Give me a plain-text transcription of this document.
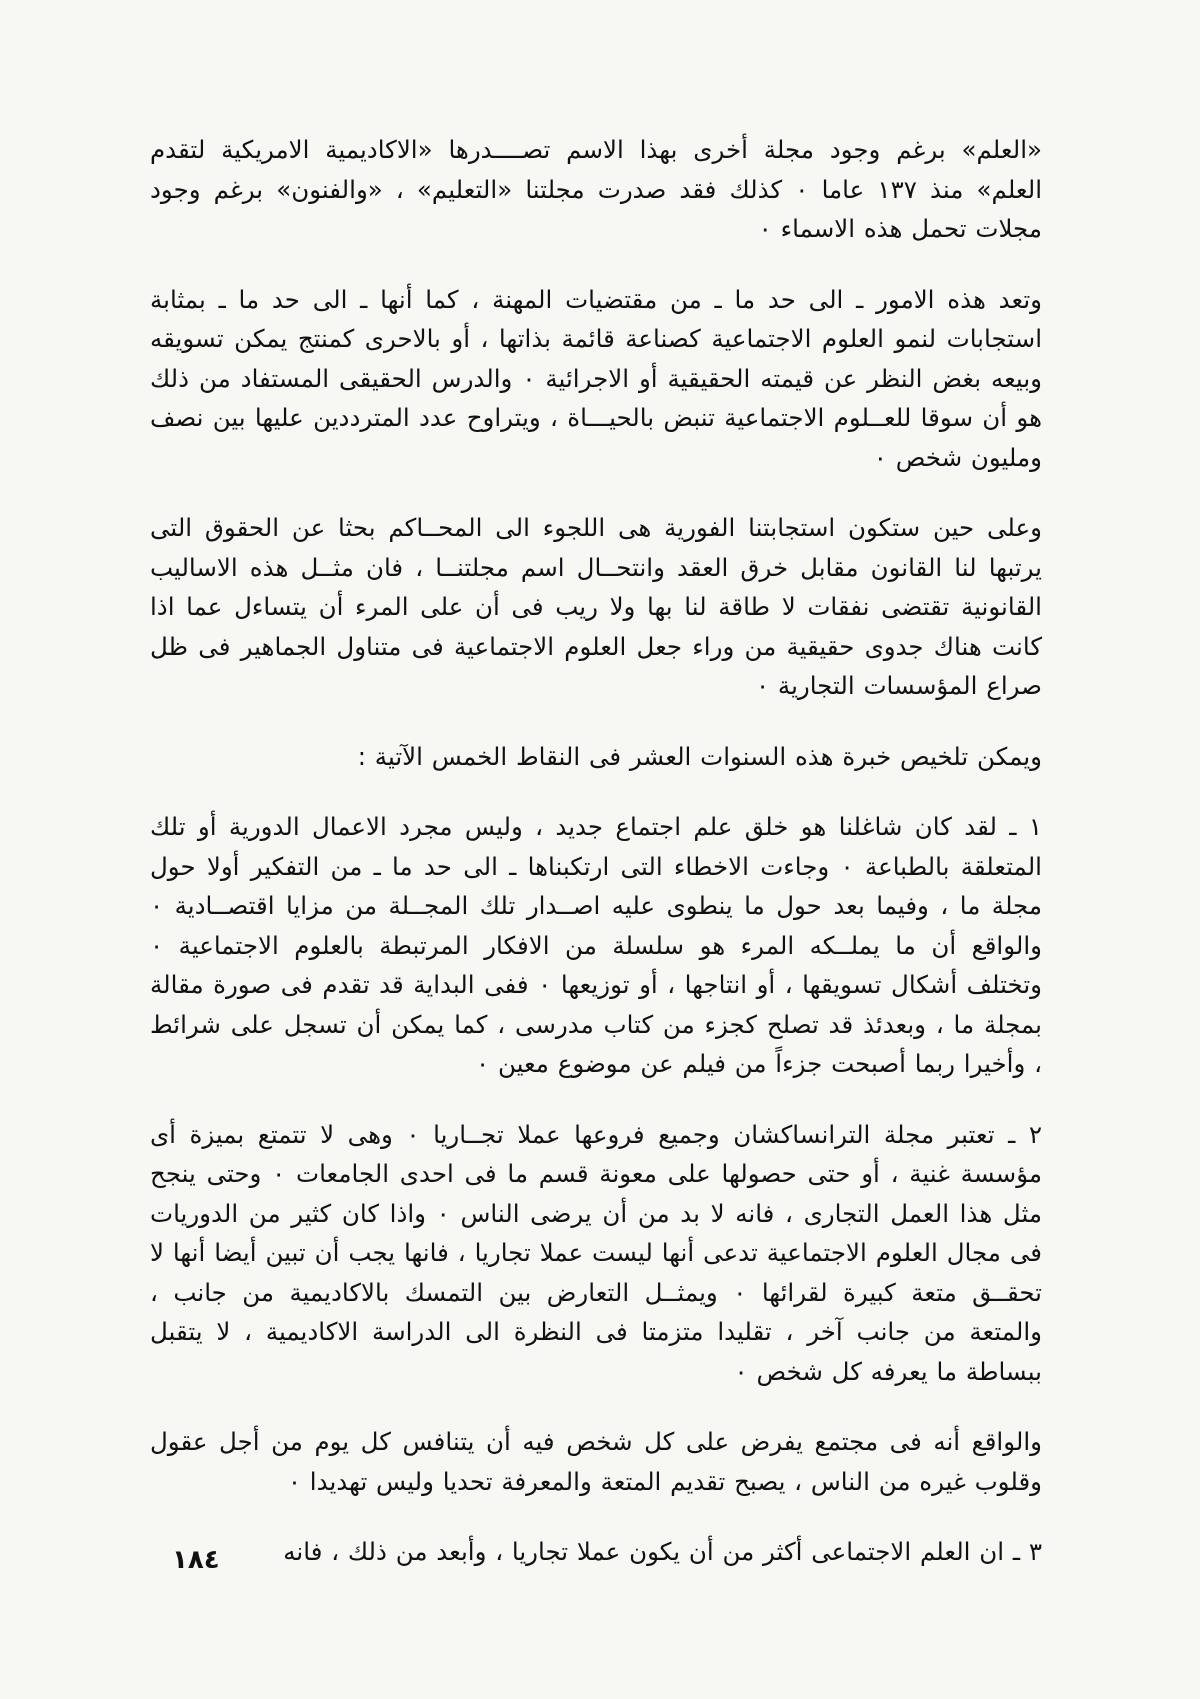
«العلم» برغم وجود مجلة أخرى بهذا الاسم تصــــدرها «الاكاديمية الامريكية لتقدم العلم» منذ ١٣٧ عاما ٠ كذلك فقد صدرت مجلتنا «التعليم» ، «والفنون» برغم وجود مجلات تحمل هذه الاسماء ٠

وتعد هذه الامور ـ الى حد ما ـ من مقتضيات المهنة ، كما أنها ـ الى حد ما ـ بمثابة استجابات لنمو العلوم الاجتماعية كصناعة قائمة بذاتها ، أو بالاحرى كمنتج يمكن تسويقه وبيعه بغض النظر عن قيمته الحقيقية أو الاجرائية ٠ والدرس الحقيقى المستفاد من ذلك هو أن سوقا للعــلوم الاجتماعية تنبض بالحيـــاة ، ويتراوح عدد المترددين عليها بين نصف ومليون شخص ٠

وعلى حين ستكون استجابتنا الفورية هى اللجوء الى المحــاكم بحثا عن الحقوق التى يرتبها لنا القانون مقابل خرق العقد وانتحــال اسم مجلتنــا ، فان مثــل هذه الاساليب القانونية تقتضى نفقات لا طاقة لنا بها ولا ريب فى أن على المرء أن يتساءل عما اذا كانت هناك جدوى حقيقية من وراء جعل العلوم الاجتماعية فى متناول الجماهير فى ظل صراع المؤسسات التجارية ٠

ويمكن تلخيص خبرة هذه السنوات العشر فى النقاط الخمس الآتية :

١ ـ لقد كان شاغلنا هو خلق علم اجتماع جديد ، وليس مجرد الاعمال الدورية أو تلك المتعلقة بالطباعة ٠ وجاءت الاخطاء التى ارتكبناها ـ الى حد ما ـ من التفكير أولا حول مجلة ما ، وفيما بعد حول ما ينطوى عليه اصــدار تلك المجــلة من مزايا اقتصــادية ٠ والواقع أن ما يملــكه المرء هو سلسلة من الافكار المرتبطة بالعلوم الاجتماعية ٠ وتختلف أشكال تسويقها ، أو انتاجها ، أو توزيعها ٠ ففى البداية قد تقدم فى صورة مقالة بمجلة ما ، وبعدئذ قد تصلح كجزء من كتاب مدرسى ، كما يمكن أن تسجل على شرائط ، وأخيرا ربما أصبحت جزءاً من فيلم عن موضوع معين ٠

٢ ـ تعتبر مجلة الترانساكشان وجميع فروعها عملا تجــاريا ٠ وهى لا تتمتع بميزة أى مؤسسة غنية ، أو حتى حصولها على معونة قسم ما فى احدى الجامعات ٠ وحتى ينجح مثل هذا العمل التجارى ، فانه لا بد من أن يرضى الناس ٠ واذا كان كثير من الدوريات فى مجال العلوم الاجتماعية تدعى أنها ليست عملا تجاريا ، فانها يجب أن تبين أيضا أنها لا تحقــق متعة كبيرة لقرائها ٠ ويمثــل التعارض بين التمسك بالاكاديمية من جانب ، والمتعة من جانب آخر ، تقليدا متزمتا فى النظرة الى الدراسة الاكاديمية ، لا يتقبل ببساطة ما يعرفه كل شخص ٠

والواقع أنه فى مجتمع يفرض على كل شخص فيه أن يتنافس كل يوم من أجل عقول وقلوب غيره من الناس ، يصبح تقديم المتعة والمعرفة تحديا وليس تهديدا ٠

٣ ـ ان العلم الاجتماعى أكثر من أن يكون عملا تجاريا ، وأبعد من ذلك ، فانه

١٨٤
